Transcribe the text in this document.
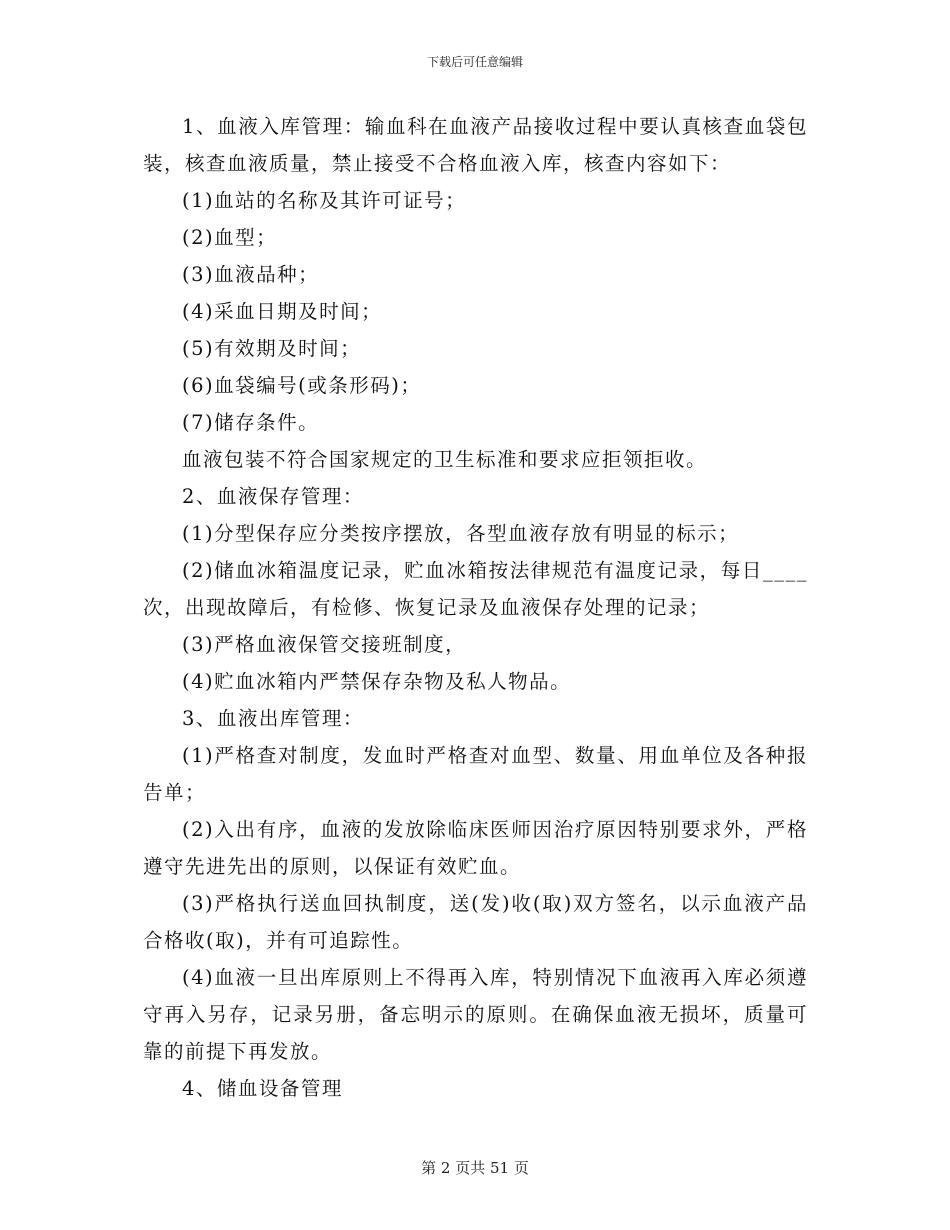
下载后可任意编辑

1、血液入库管理：输血科在血液产品接收过程中要认真核查血袋包装，核查血液质量，禁止接受不合格血液入库，核查内容如下：

(1)血站的名称及其许可证号；

(2)血型；

(3)血液品种；

(4)采血日期及时间；

(5)有效期及时间；

(6)血袋编号(或条形码)；

(7)储存条件。

血液包装不符合国家规定的卫生标准和要求应拒领拒收。

2、血液保存管理：

(1)分型保存应分类按序摆放，各型血液存放有明显的标示；

(2)储血冰箱温度记录，贮血冰箱按法律规范有温度记录，每日____次，出现故障后，有检修、恢复记录及血液保存处理的记录；

(3)严格血液保管交接班制度，

(4)贮血冰箱内严禁保存杂物及私人物品。

3、血液出库管理：

(1)严格查对制度，发血时严格查对血型、数量、用血单位及各种报告单；

(2)入出有序，血液的发放除临床医师因治疗原因特别要求外，严格遵守先进先出的原则，以保证有效贮血。

(3)严格执行送血回执制度，送(发)收(取)双方签名，以示血液产品合格收(取)，并有可追踪性。

(4)血液一旦出库原则上不得再入库，特别情况下血液再入库必须遵守再入另存，记录另册，备忘明示的原则。在确保血液无损坏，质量可靠的前提下再发放。

4、储血设备管理

第 2 页共 51 页
